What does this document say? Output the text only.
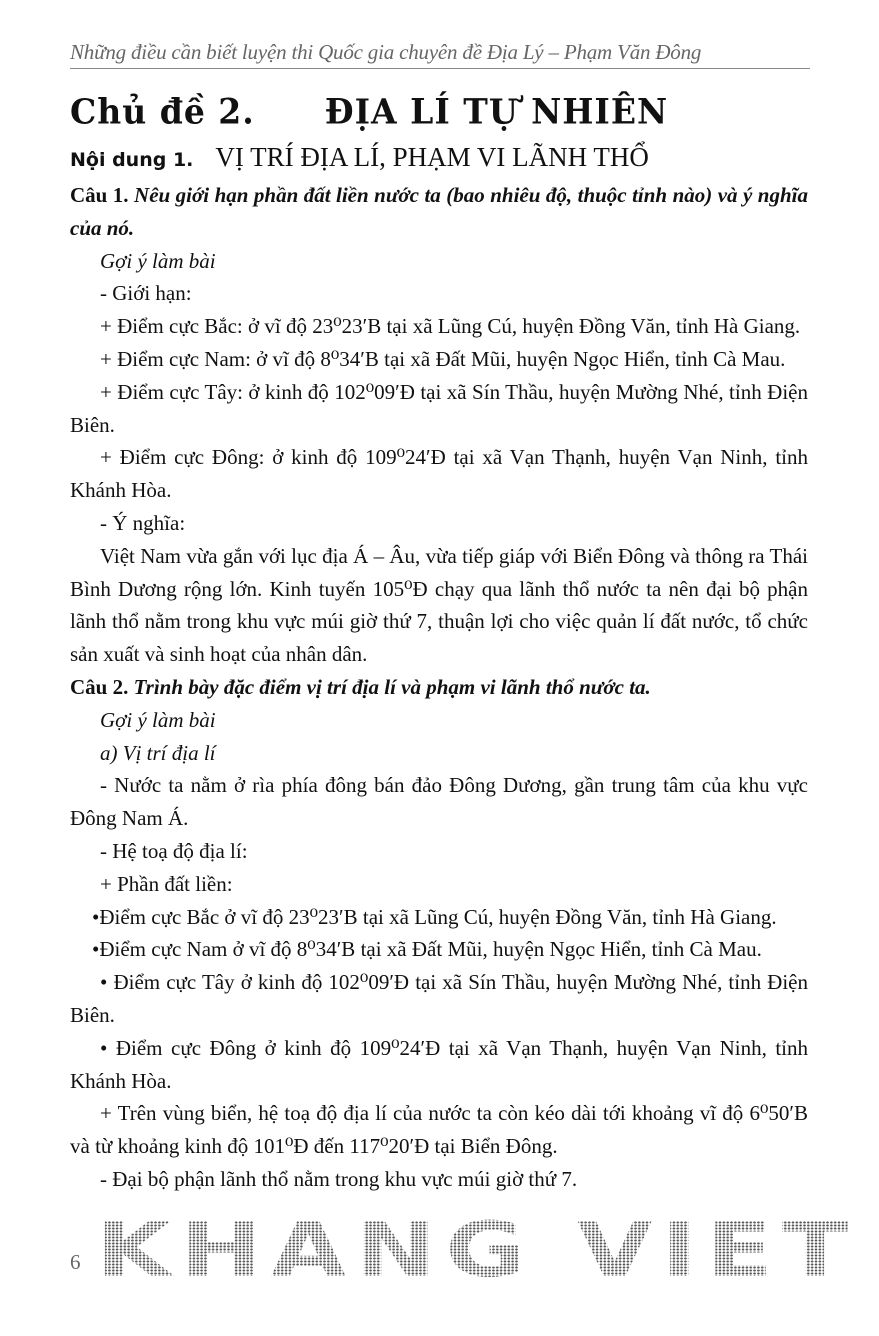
Những điều cần biết luyện thi Quốc gia chuyên đề Địa Lý – Phạm Văn Đông
Chủ đề 2. ĐỊA LÍ TỰ NHIÊN
Nội dung 1. VỊ TRÍ ĐỊA LÍ, PHẠM VI LÃNH THỔ

Câu 1. Nêu giới hạn phần đất liền nước ta (bao nhiêu độ, thuộc tỉnh nào) và ý nghĩa của nó.

Gợi ý làm bài

- Giới hạn:

+ Điểm cực Bắc: ở vĩ độ 23⁰23ʹB tại xã Lũng Cú, huyện Đồng Văn, tỉnh Hà Giang.

+ Điểm cực Nam: ở vĩ độ 8⁰34ʹB tại xã Đất Mũi, huyện Ngọc Hiển, tỉnh Cà Mau.

+ Điểm cực Tây: ở kinh độ 102⁰09ʹĐ tại xã Sín Thầu, huyện Mường Nhé, tỉnh Điện Biên.

+ Điểm cực Đông: ở kinh độ 109⁰24ʹĐ tại xã Vạn Thạnh, huyện Vạn Ninh, tỉnh Khánh Hòa.

- Ý nghĩa:

Việt Nam vừa gắn với lục địa Á – Âu, vừa tiếp giáp với Biển Đông và thông ra Thái Bình Dương rộng lớn. Kinh tuyến 105⁰Đ chạy qua lãnh thổ nước ta nên đại bộ phận lãnh thổ nằm trong khu vực múi giờ thứ 7, thuận lợi cho việc quản lí đất nước, tổ chức sản xuất và sinh hoạt của nhân dân.

Câu 2. Trình bày đặc điểm vị trí địa lí và phạm vi lãnh thổ nước ta.

Gợi ý làm bài

a) Vị trí địa lí

- Nước ta nằm ở rìa phía đông bán đảo Đông Dương, gần trung tâm của khu vực Đông Nam Á.

- Hệ toạ độ địa lí:

+ Phần đất liền:

•Điểm cực Bắc ở vĩ độ 23⁰23ʹB tại xã Lũng Cú, huyện Đồng Văn, tỉnh Hà Giang.

•Điểm cực Nam ở vĩ độ 8⁰34ʹB tại xã Đất Mũi, huyện Ngọc Hiển, tỉnh Cà Mau.

• Điểm cực Tây ở kinh độ 102⁰09ʹĐ tại xã Sín Thầu, huyện Mường Nhé, tỉnh Điện Biên.

• Điểm cực Đông ở kinh độ 109⁰24ʹĐ tại xã Vạn Thạnh, huyện Vạn Ninh, tỉnh Khánh Hòa.

+ Trên vùng biển, hệ toạ độ địa lí của nước ta còn kéo dài tới khoảng vĩ độ 6⁰50ʹB và từ khoảng kinh độ 101⁰Đ đến 117⁰20ʹĐ tại Biển Đông.

- Đại bộ phận lãnh thổ nằm trong khu vực múi giờ thứ 7.

6 KHANG VIET
